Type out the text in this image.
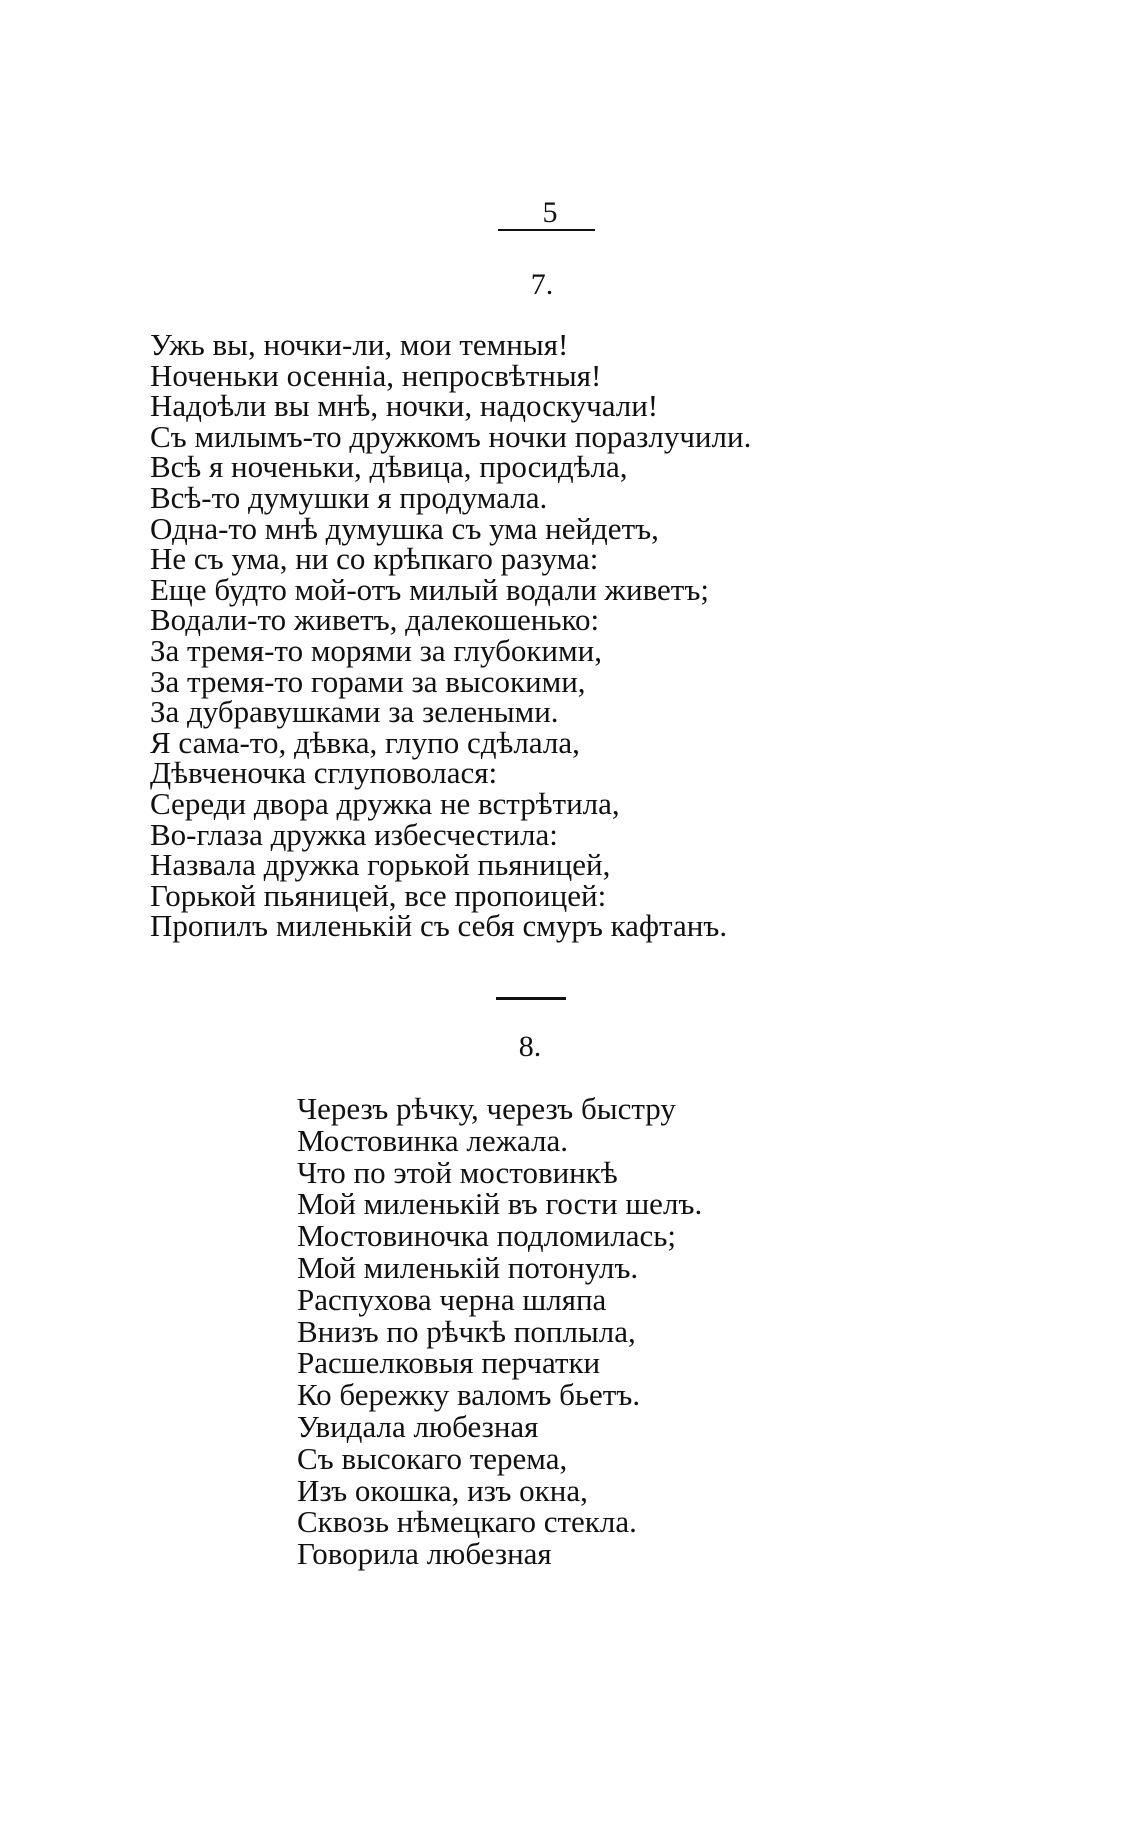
5
7.
Ужь вы, ночки-ли, мои темныя!
Ноченьки осенніа, непросвѣтныя!
Надоѣли вы мнѣ, ночки, надоскучали!
Съ милымъ-то дружкомъ ночки поразлучили.
Всѣ я ноченьки, дѣвица, просидѣла,
Всѣ-то думушки я продумала.
Одна-то мнѣ думушка съ ума нейдетъ,
Не съ ума, ни со крѣпкаго разума:
Еще будто мой-отъ милый водали живетъ;
Водали-то живетъ, далекошенько:
За тремя-то морями за глубокими,
За тремя-то горами за высокими,
За дубравушками за зелеными.
Я сама-то, дѣвка, глупо сдѣлала,
Дѣвченочка сглуповолася:
Середи двора дружка не встрѣтила,
Во-глаза дружка избесчестила:
Назвала дружка горькой пьяницей,
Горькой пьяницей, все пропоицей:
Пропилъ миленькій съ себя смуръ кафтанъ.
8.
Черезъ рѣчку, черезъ быстру
Мостовинка лежала.
Что по этой мостовинкѣ
Мой миленькій въ гости шелъ.
Мостовиночка подломилась;
Мой миленькій потонулъ.
Распухова черна шляпа
Внизъ по рѣчкѣ поплыла,
Расшелковыя перчатки
Ко бережку валомъ бьетъ.
Увидала любезная
Съ высокаго терема,
Изъ окошка, изъ окна,
Сквозь нѣмецкаго стекла.
Говорила любезная
